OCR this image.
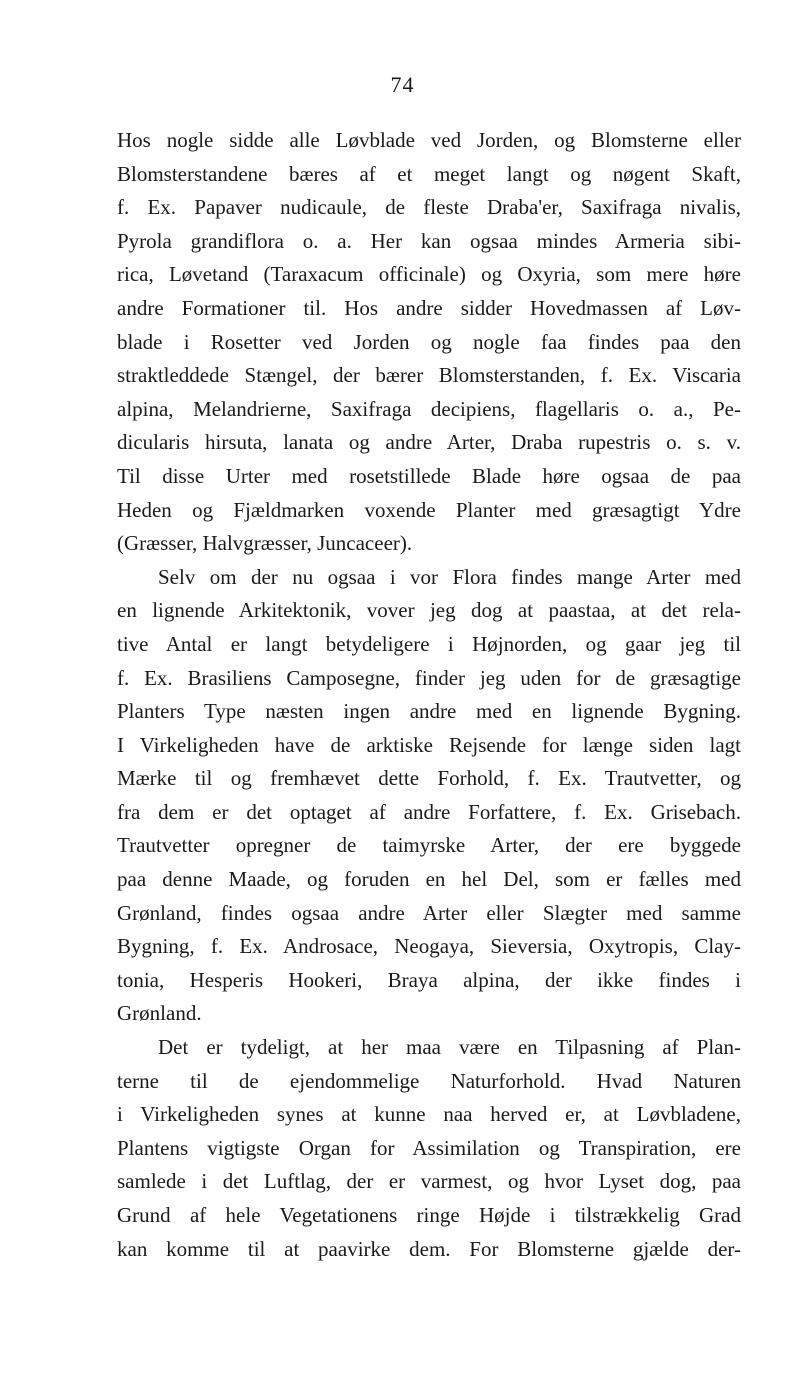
74
Hos nogle sidde alle Løvblade ved Jorden, og Blomsterne eller
Blomsterstandene bæres af et meget langt og nøgent Skaft,
f. Ex. Papaver nudicaule, de fleste Draba'er, Saxifraga nivalis,
Pyrola grandiflora o. a. Her kan ogsaa mindes Armeria sibi-
rica, Løvetand (Taraxacum officinale) og Oxyria, som mere høre
andre Formationer til. Hos andre sidder Hovedmassen af Løv-
blade i Rosetter ved Jorden og nogle faa findes paa den
straktleddede Stængel, der bærer Blomsterstanden, f. Ex. Viscaria
alpina, Melandrierne, Saxifraga decipiens, flagellaris o. a., Pe-
dicularis hirsuta, lanata og andre Arter, Draba rupestris o. s. v.
Til disse Urter med rosetstillede Blade høre ogsaa de paa
Heden og Fjældmarken voxende Planter med græsagtigt Ydre
(Græsser, Halvgræsser, Juncaceer).
Selv om der nu ogsaa i vor Flora findes mange Arter med
en lignende Arkitektonik, vover jeg dog at paastaa, at det rela-
tive Antal er langt betydeligere i Højnorden, og gaar jeg til
f. Ex. Brasiliens Camposegne, finder jeg uden for de græsagtige
Planters Type næsten ingen andre med en lignende Bygning.
I Virkeligheden have de arktiske Rejsende for længe siden lagt
Mærke til og fremhævet dette Forhold, f. Ex. Trautvetter, og
fra dem er det optaget af andre Forfattere, f. Ex. Grisebach.
Trautvetter opregner de taimyrske Arter, der ere byggede
paa denne Maade, og foruden en hel Del, som er fælles med
Grønland, findes ogsaa andre Arter eller Slægter med samme
Bygning, f. Ex. Androsace, Neogaya, Sieversia, Oxytropis, Clay-
tonia, Hesperis Hookeri, Braya alpina, der ikke findes i
Grønland.
Det er tydeligt, at her maa være en Tilpasning af Plan-
terne til de ejendommelige Naturforhold. Hvad Naturen
i Virkeligheden synes at kunne naa herved er, at Løvbladene,
Plantens vigtigste Organ for Assimilation og Transpiration, ere
samlede i det Luftlag, der er varmest, og hvor Lyset dog, paa
Grund af hele Vegetationens ringe Højde i tilstrækkelig Grad
kan komme til at paavirke dem. For Blomsterne gjælde der-
